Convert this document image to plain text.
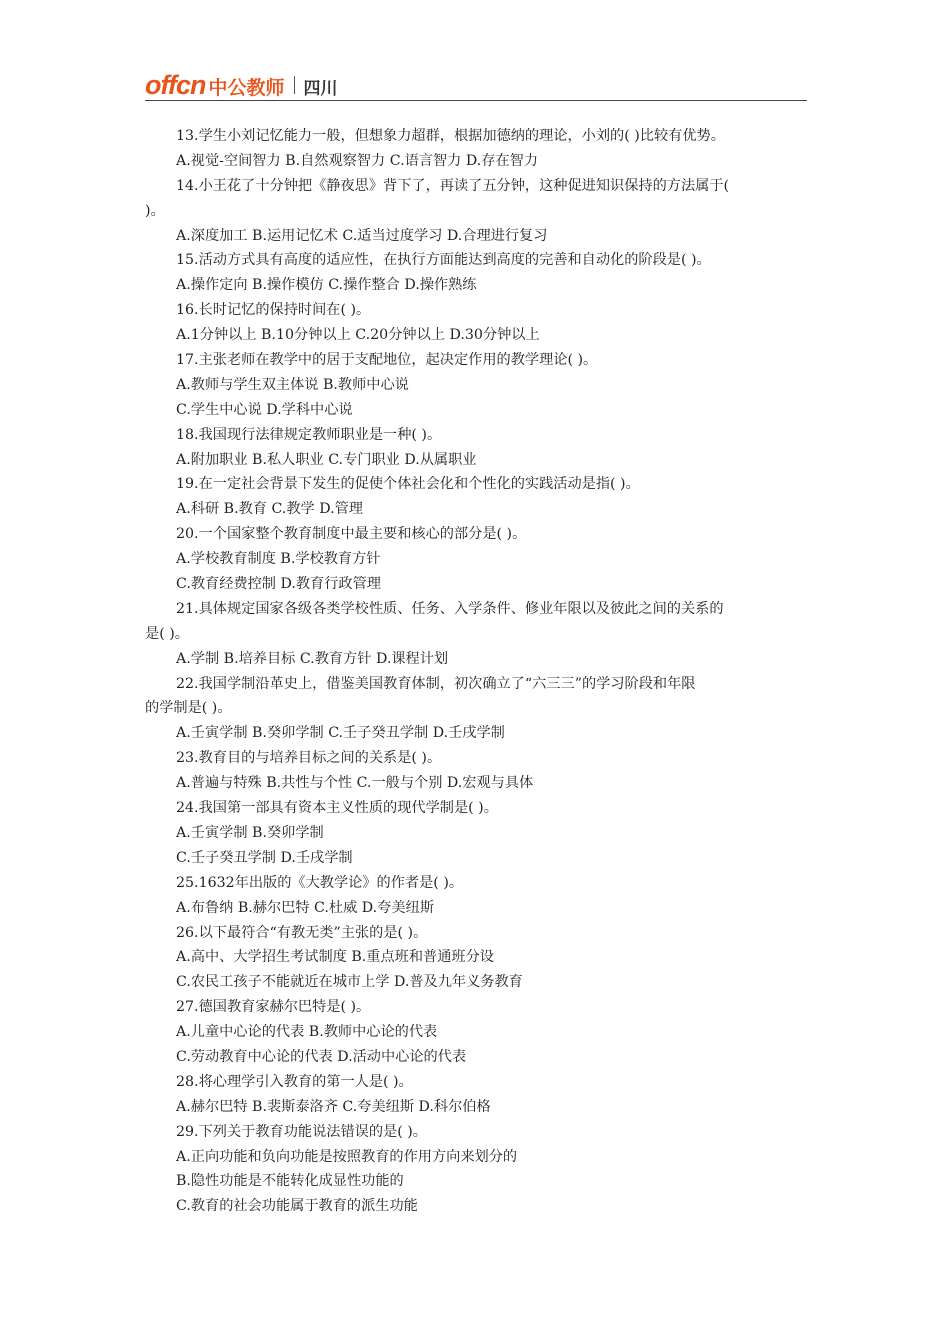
offcn 中公教师 四川
13.学生小刘记忆能力一般，但想象力超群，根据加德纳的理论，小刘的( )比较有优势。
A.视觉-空间智力 B.自然观察智力 C.语言智力 D.存在智力
14.小王花了十分钟把《静夜思》背下了，再读了五分钟，这种促进知识保持的方法属于(
)。
A.深度加工 B.运用记忆术 C.适当过度学习 D.合理进行复习
15.活动方式具有高度的适应性，在执行方面能达到高度的完善和自动化的阶段是( )。
A.操作定向 B.操作模仿 C.操作整合 D.操作熟练
16.长时记忆的保持时间在( )。
A.1分钟以上 B.10分钟以上 C.20分钟以上 D.30分钟以上
17.主张老师在教学中的居于支配地位，起决定作用的教学理论( )。
A.教师与学生双主体说 B.教师中心说
C.学生中心说 D.学科中心说
18.我国现行法律规定教师职业是一种( )。
A.附加职业 B.私人职业 C.专门职业 D.从属职业
19.在一定社会背景下发生的促使个体社会化和个性化的实践活动是指( )。
A.科研 B.教育 C.教学 D.管理
20.一个国家整个教育制度中最主要和核心的部分是( )。
A.学校教育制度 B.学校教育方针
C.教育经费控制 D.教育行政管理
21.具体规定国家各级各类学校性质、任务、入学条件、修业年限以及彼此之间的关系的
是( )。
A.学制 B.培养目标 C.教育方针 D.课程计划
22.我国学制沿革史上，借鉴美国教育体制，初次确立了“六三三”的学习阶段和年限
的学制是( )。
A.壬寅学制 B.癸卯学制 C.壬子癸丑学制 D.壬戌学制
23.教育目的与培养目标之间的关系是( )。
A.普遍与特殊 B.共性与个性 C.一般与个别 D.宏观与具体
24.我国第一部具有资本主义性质的现代学制是( )。
A.壬寅学制 B.癸卯学制
C.壬子癸丑学制 D.壬戌学制
25.1632年出版的《大教学论》的作者是( )。
A.布鲁纳 B.赫尔巴特 C.杜威 D.夸美纽斯
26.以下最符合“有教无类”主张的是( )。
A.高中、大学招生考试制度 B.重点班和普通班分设
C.农民工孩子不能就近在城市上学 D.普及九年义务教育
27.德国教育家赫尔巴特是( )。
A.儿童中心论的代表 B.教师中心论的代表
C.劳动教育中心论的代表 D.活动中心论的代表
28.将心理学引入教育的第一人是( )。
A.赫尔巴特 B.裴斯泰洛齐 C.夸美纽斯 D.科尔伯格
29.下列关于教育功能说法错误的是( )。
A.正向功能和负向功能是按照教育的作用方向来划分的
B.隐性功能是不能转化成显性功能的
C.教育的社会功能属于教育的派生功能
